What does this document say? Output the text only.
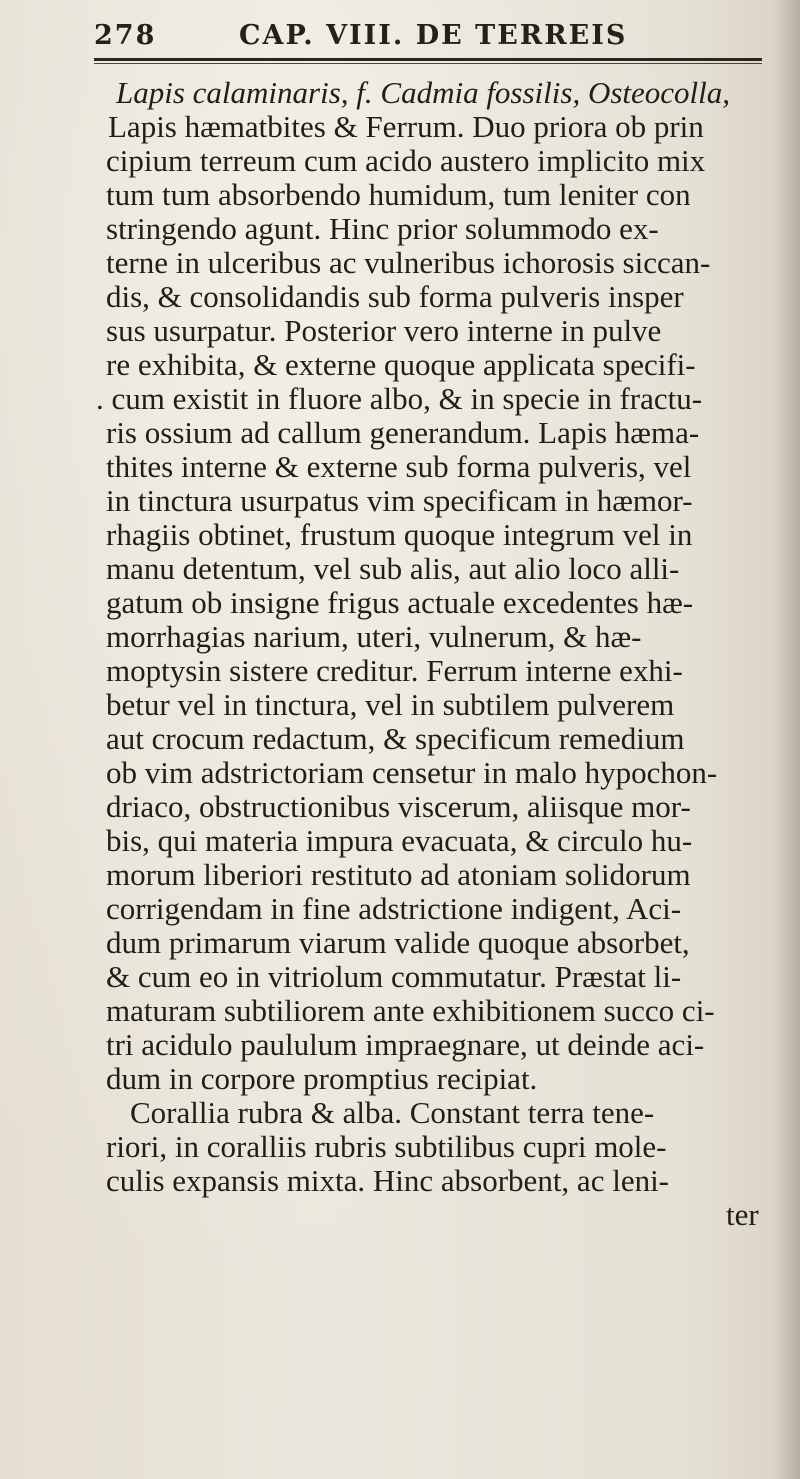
278	CAP. VIII. DE TERREIS
Lapis calaminaris, f. Cadmia fossilis, Osteocolla,
Lapis hæmatbites & Ferrum. Duo priora ob prin
cipium terreum cum acido austero implicito mix
tum tum absorbendo humidum, tum leniter con
stringendo agunt. Hinc prior solummodo ex-
terne in ulceribus ac vulneribus ichorosis siccan-
dis, & consolidandis sub forma pulveris insper
sus usurpatur. Posterior vero interne in pulve
re exhibita, & externe quoque applicata specifi-
. cum existit in fluore albo, & in specie in fractu-
ris ossium ad callum generandum. Lapis hæma-
thites interne & externe sub forma pulveris, vel
in tinctura usurpatus vim specificam in hæmor-
rhagiis obtinet, frustum quoque integrum vel in
manu detentum, vel sub alis, aut alio loco alli-
gatum ob insigne frigus actuale excedentes hæ-
morrhagias narium, uteri, vulnerum, & hæ-
moptysin sistere creditur. Ferrum interne exhi-
betur vel in tinctura, vel in subtilem pulverem
aut crocum redactum, & specificum remedium
ob vim adstrictoriam censetur in malo hypochon-
driaco, obstructionibus viscerum, aliisque mor-
bis, qui materia impura evacuata, & circulo hu-
morum liberiori restituto ad atoniam solidorum
corrigendam in fine adstrictione indigent, Aci-
dum primarum viarum valide quoque absorbet,
& cum eo in vitriolum commutatur. Præstat li-
maturam subtiliorem ante exhibitionem succo ci-
tri acidulo paululum impraegnare, ut deinde aci-
dum in corpore promptius recipiat.
Corallia rubra & alba. Constant terra tene-
riori, in coralliis rubris subtilibus cupri mole-
culis expansis mixta. Hinc absorbent, ac leni-
ter
